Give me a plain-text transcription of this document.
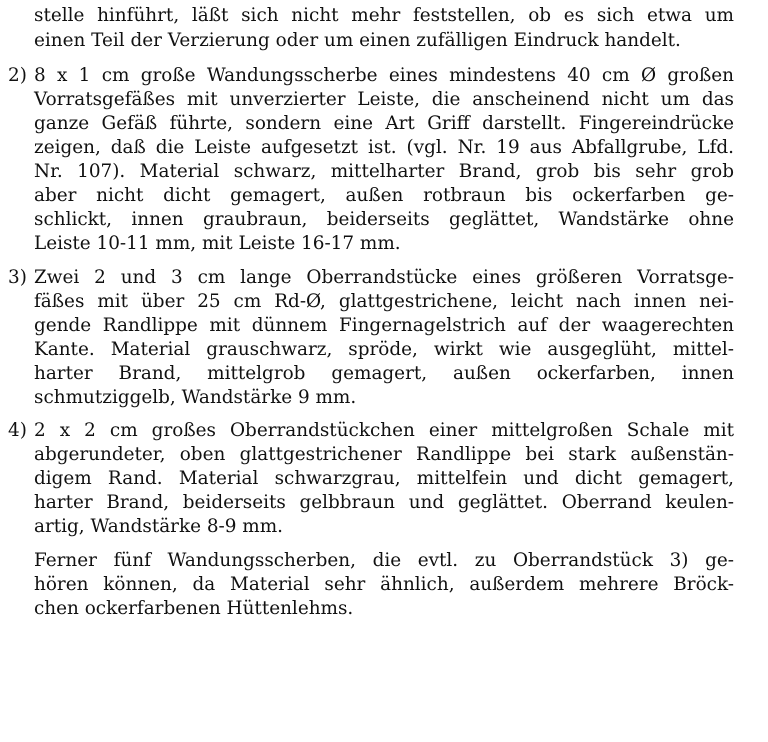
stelle hinführt, läßt sich nicht mehr feststellen, ob es sich etwa um
einen Teil der Verzierung oder um einen zufälligen Eindruck handelt.
2) 8 x 1 cm große Wandungsscherbe eines mindestens 40 cm Ø großen
Vorratsgefäßes mit unverzierter Leiste, die anscheinend nicht um das
ganze Gefäß führte, sondern eine Art Griff darstellt. Fingereindrücke
zeigen, daß die Leiste aufgesetzt ist. (vgl. Nr. 19 aus Abfallgrube, Lfd.
Nr. 107). Material schwarz, mittelharter Brand, grob bis sehr grob
aber nicht dicht gemagert, außen rotbraun bis ockerfarben ge-
schlickt, innen graubraun, beiderseits geglättet, Wandstärke ohne
Leiste 10-11 mm, mit Leiste 16-17 mm.
3) Zwei 2 und 3 cm lange Oberrandstücke eines größeren Vorratsge-
fäßes mit über 25 cm Rd-Ø, glattgestrichene, leicht nach innen nei-
gende Randlippe mit dünnem Fingernagelstrich auf der waagerechten
Kante. Material grauschwarz, spröde, wirkt wie ausgeglüht, mittel-
harter Brand, mittelgrob gemagert, außen ockerfarben, innen
schmutziggelb, Wandstärke 9 mm.
4) 2 x 2 cm großes Oberrandstückchen einer mittelgroßen Schale mit
abgerundeter, oben glattgestrichener Randlippe bei stark außenstän-
digem Rand. Material schwarzgrau, mittelfein und dicht gemagert,
harter Brand, beiderseits gelbbraun und geglättet. Oberrand keulen-
artig, Wandstärke 8-9 mm.
Ferner fünf Wandungsscherben, die evtl. zu Oberrandstück 3) ge-
hören können, da Material sehr ähnlich, außerdem mehrere Bröck-
chen ockerfarbenen Hüttenlehms.
